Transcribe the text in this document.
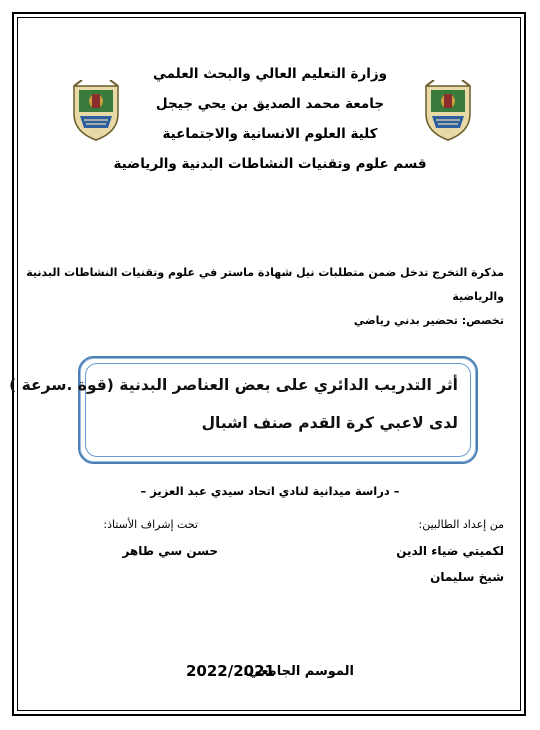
وزارة التعليم العالي والبحث العلمي
جامعة محمد الصديق بن يحي جيجل
كلية العلوم الانسانية والاجتماعية
قسم علوم وتقنيات النشاطات البدنية والرياضية
مذكرة التخرج تدخل ضمن متطلبات نيل شهادة ماستر في علوم وتقنيات النشاطات البدنية
والرياضية
تخصص: تحضير بدني رياضي
أثر التدريب الدائري على بعض العناصر البدنية (قوة .سرعة )
لدى لاعبي كرة القدم صنف اشبال
– دراسة ميدانية لنادي اتحاد سيدي عبد العزيز –
من إعداد الطالبين:
لكميتي ضياء الدين
شيخ سليمان
تحت إشراف الأستاذ:
حسن سي طاهر
الموسم الجامعي:
2022/2021
